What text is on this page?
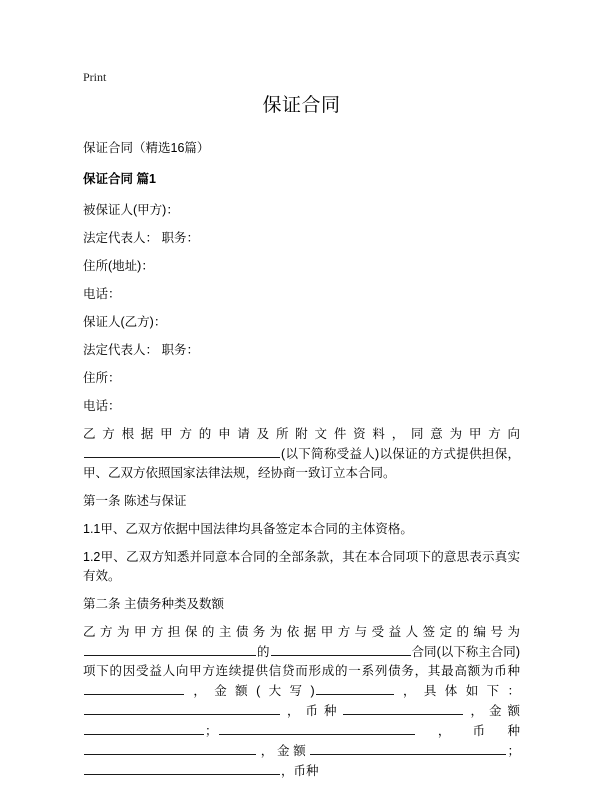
Print
保证合同

保证合同（精选16篇）

保证合同 篇1

被保证人(甲方)：

法定代表人： 职务：

住所(地址)：

电话：

保证人(乙方)：

法定代表人： 职务：

住所：

电话：

乙方根据甲方的申请及所附文件资料，同意为甲方向(以下简称受益人)以保证的方式提供担保，甲、乙双方依照国家法律法规，经协商一致订立本合同。

第一条 陈述与保证

1.1甲、乙双方依据中国法律均具备签定本合同的主体资格。

1.2甲、乙双方知悉并同意本合同的全部条款，其在本合同项下的意思表示真实有效。

第二条 主债务种类及数额

乙方为甲方担保的主债务为依据甲方与受益人签定的编号为的	合同(以下称主合同)项下的因受益人向甲方连续提供信贷而形成的一系列债务，其最高额为币种，金额(大写)	，具体如下：，币种	，金额；	，币种，金额	；，币种
